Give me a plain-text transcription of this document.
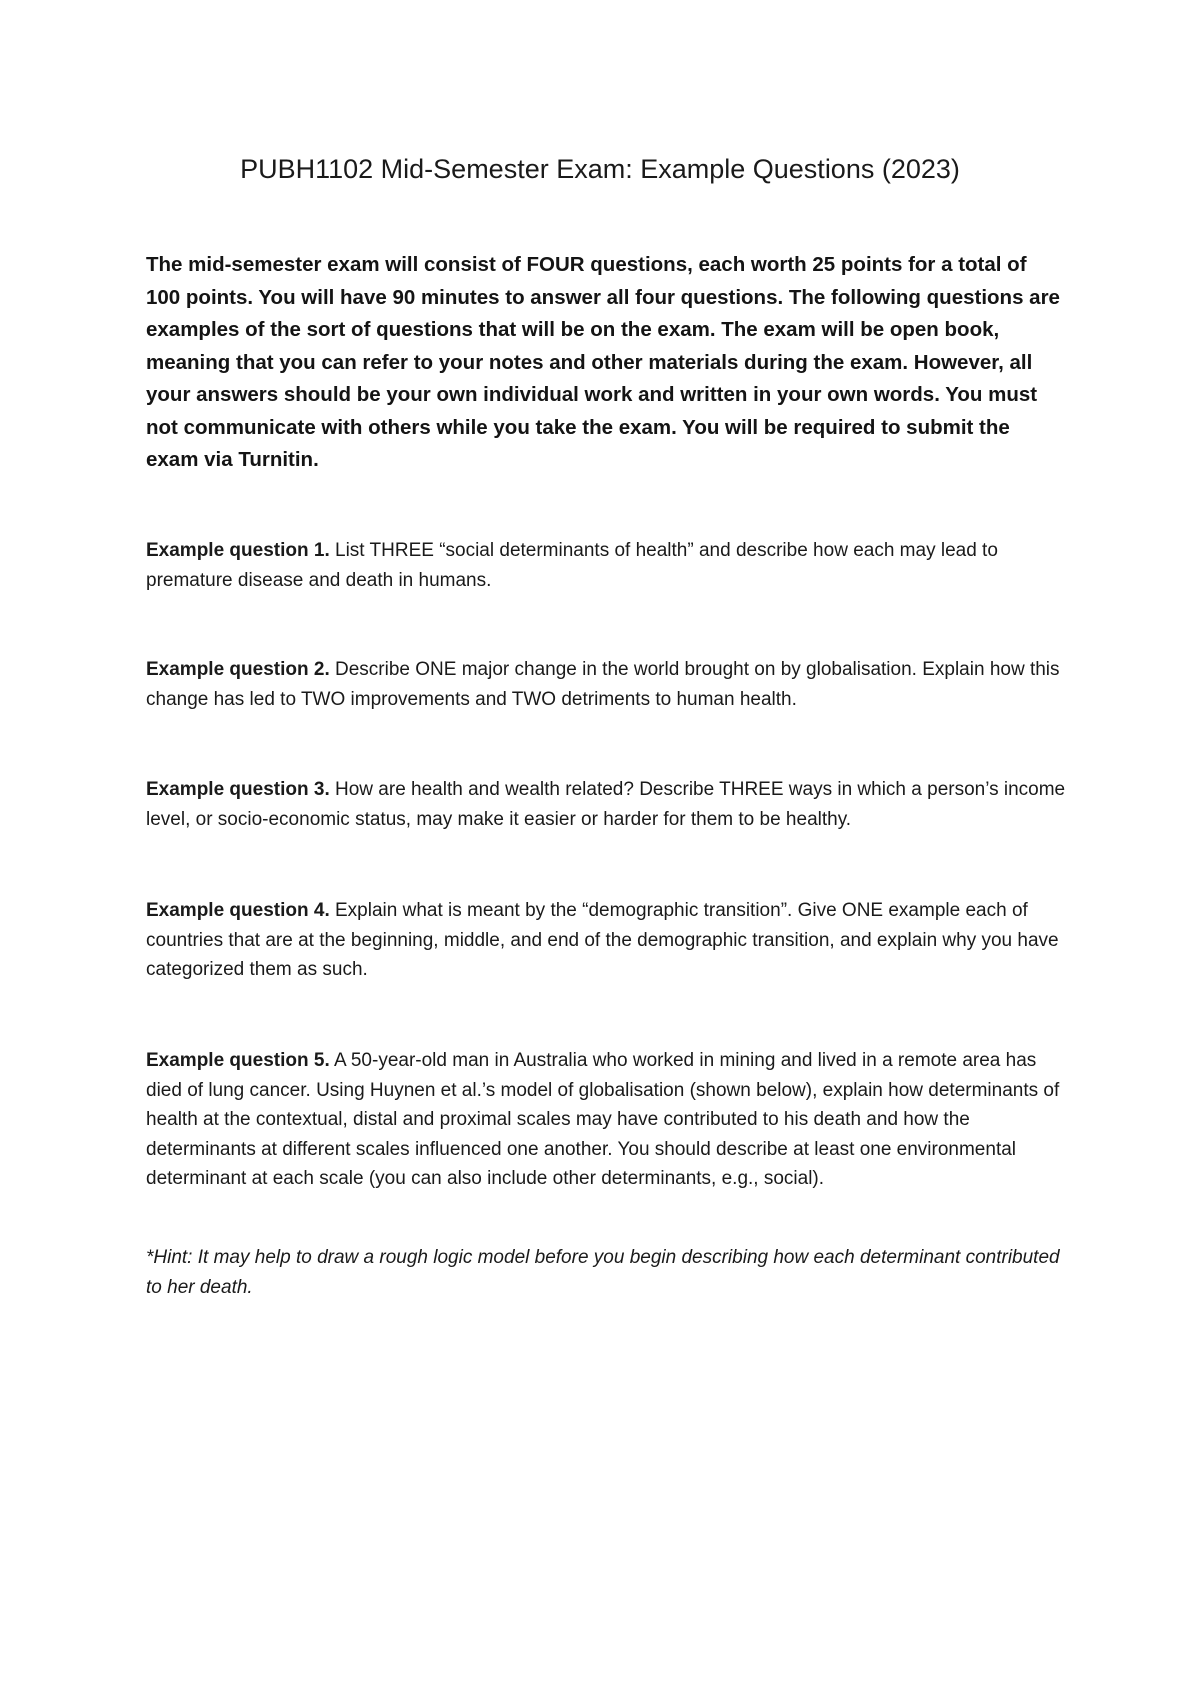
PUBH1102 Mid-Semester Exam: Example Questions (2023)
The mid-semester exam will consist of FOUR questions, each worth 25 points for a total of 100 points. You will have 90 minutes to answer all four questions. The following questions are examples of the sort of questions that will be on the exam. The exam will be open book, meaning that you can refer to your notes and other materials during the exam. However, all your answers should be your own individual work and written in your own words. You must not communicate with others while you take the exam. You will be required to submit the exam via Turnitin.
Example question 1. List THREE “social determinants of health” and describe how each may lead to premature disease and death in humans.
Example question 2. Describe ONE major change in the world brought on by globalisation. Explain how this change has led to TWO improvements and TWO detriments to human health.
Example question 3. How are health and wealth related? Describe THREE ways in which a person’s income level, or socio-economic status, may make it easier or harder for them to be healthy.
Example question 4. Explain what is meant by the “demographic transition”. Give ONE example each of countries that are at the beginning, middle, and end of the demographic transition, and explain why you have categorized them as such.
Example question 5. A 50-year-old man in Australia who worked in mining and lived in a remote area has died of lung cancer. Using Huynen et al.’s model of globalisation (shown below), explain how determinants of health at the contextual, distal and proximal scales may have contributed to his death and how the determinants at different scales influenced one another. You should describe at least one environmental determinant at each scale (you can also include other determinants, e.g., social).
*Hint: It may help to draw a rough logic model before you begin describing how each determinant contributed to her death.
